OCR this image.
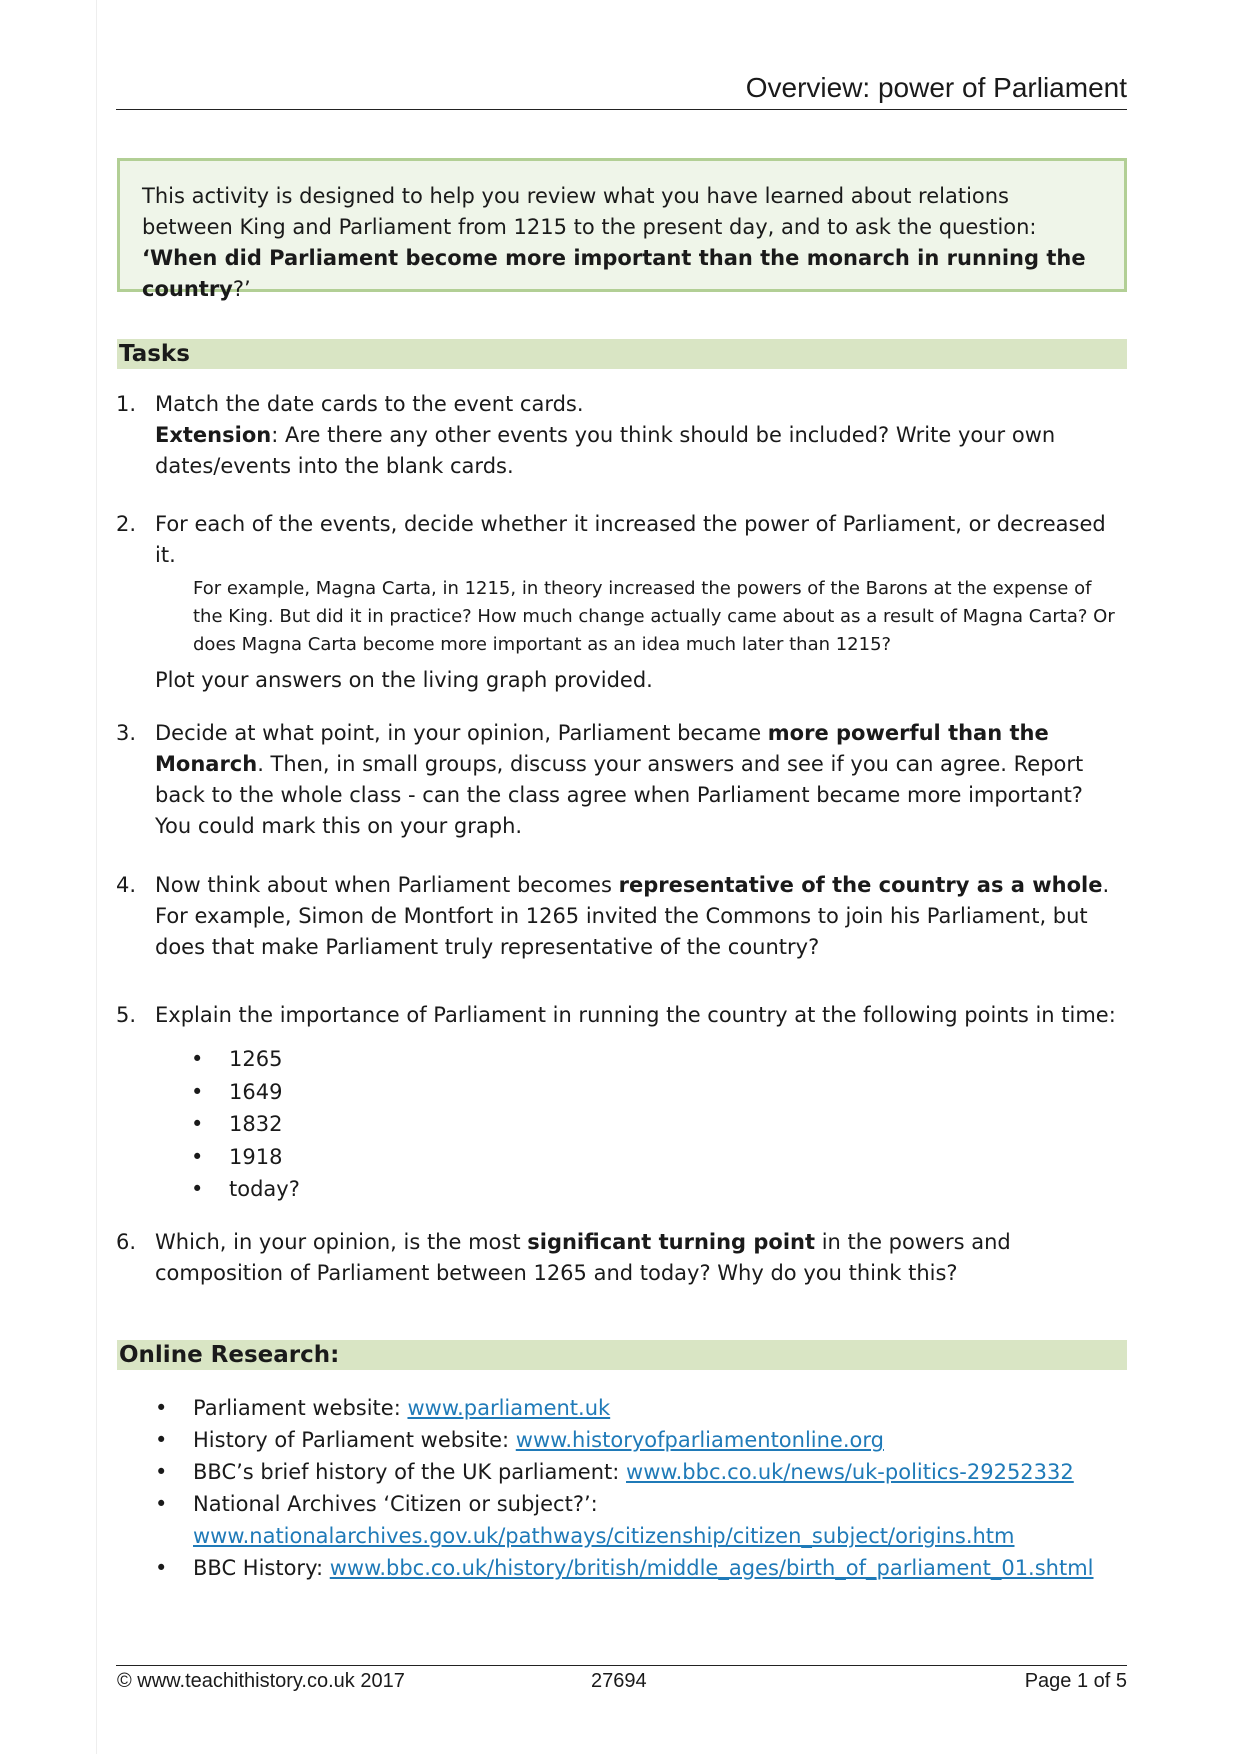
Overview: power of Parliament
This activity is designed to help you review what you have learned about relations between King and Parliament from 1215 to the present day, and to ask the question: ‘When did Parliament become more important than the monarch in running the country?’
Tasks
1. Match the date cards to the event cards.

Extension: Are there any other events you think should be included? Write your own dates/events into the blank cards.

2. For each of the events, decide whether it increased the power of Parliament, or decreased it.

For example, Magna Carta, in 1215, in theory increased the powers of the Barons at the expense of the King. But did it in practice? How much change actually came about as a result of Magna Carta? Or does Magna Carta become more important as an idea much later than 1215?

Plot your answers on the living graph provided.

3. Decide at what point, in your opinion, Parliament became more powerful than the Monarch. Then, in small groups, discuss your answers and see if you can agree. Report back to the whole class - can the class agree when Parliament became more important?

You could mark this on your graph.

4. Now think about when Parliament becomes representative of the country as a whole. For example, Simon de Montfort in 1265 invited the Commons to join his Parliament, but does that make Parliament truly representative of the country?

5. Explain the importance of Parliament in running the country at the following points in time:

• 1265
• 1649
• 1832
• 1918
• today?
6. Which, in your opinion, is the most significant turning point in the powers and composition of Parliament between 1265 and today? Why do you think this?

Online Research:
• Parliament website: www.parliament.uk
• History of Parliament website: www.historyofparliamentonline.org
• BBC’s brief history of the UK parliament: www.bbc.co.uk/news/uk-politics-29252332
• National Archives ‘Citizen or subject?’: www.nationalarchives.gov.uk/pathways/citizenship/citizen_subject/origins.htm
• BBC History: www.bbc.co.uk/history/british/middle_ages/birth_of_parliament_01.shtml
© www.teachithistory.co.uk 2017	27694	Page 1 of 5
